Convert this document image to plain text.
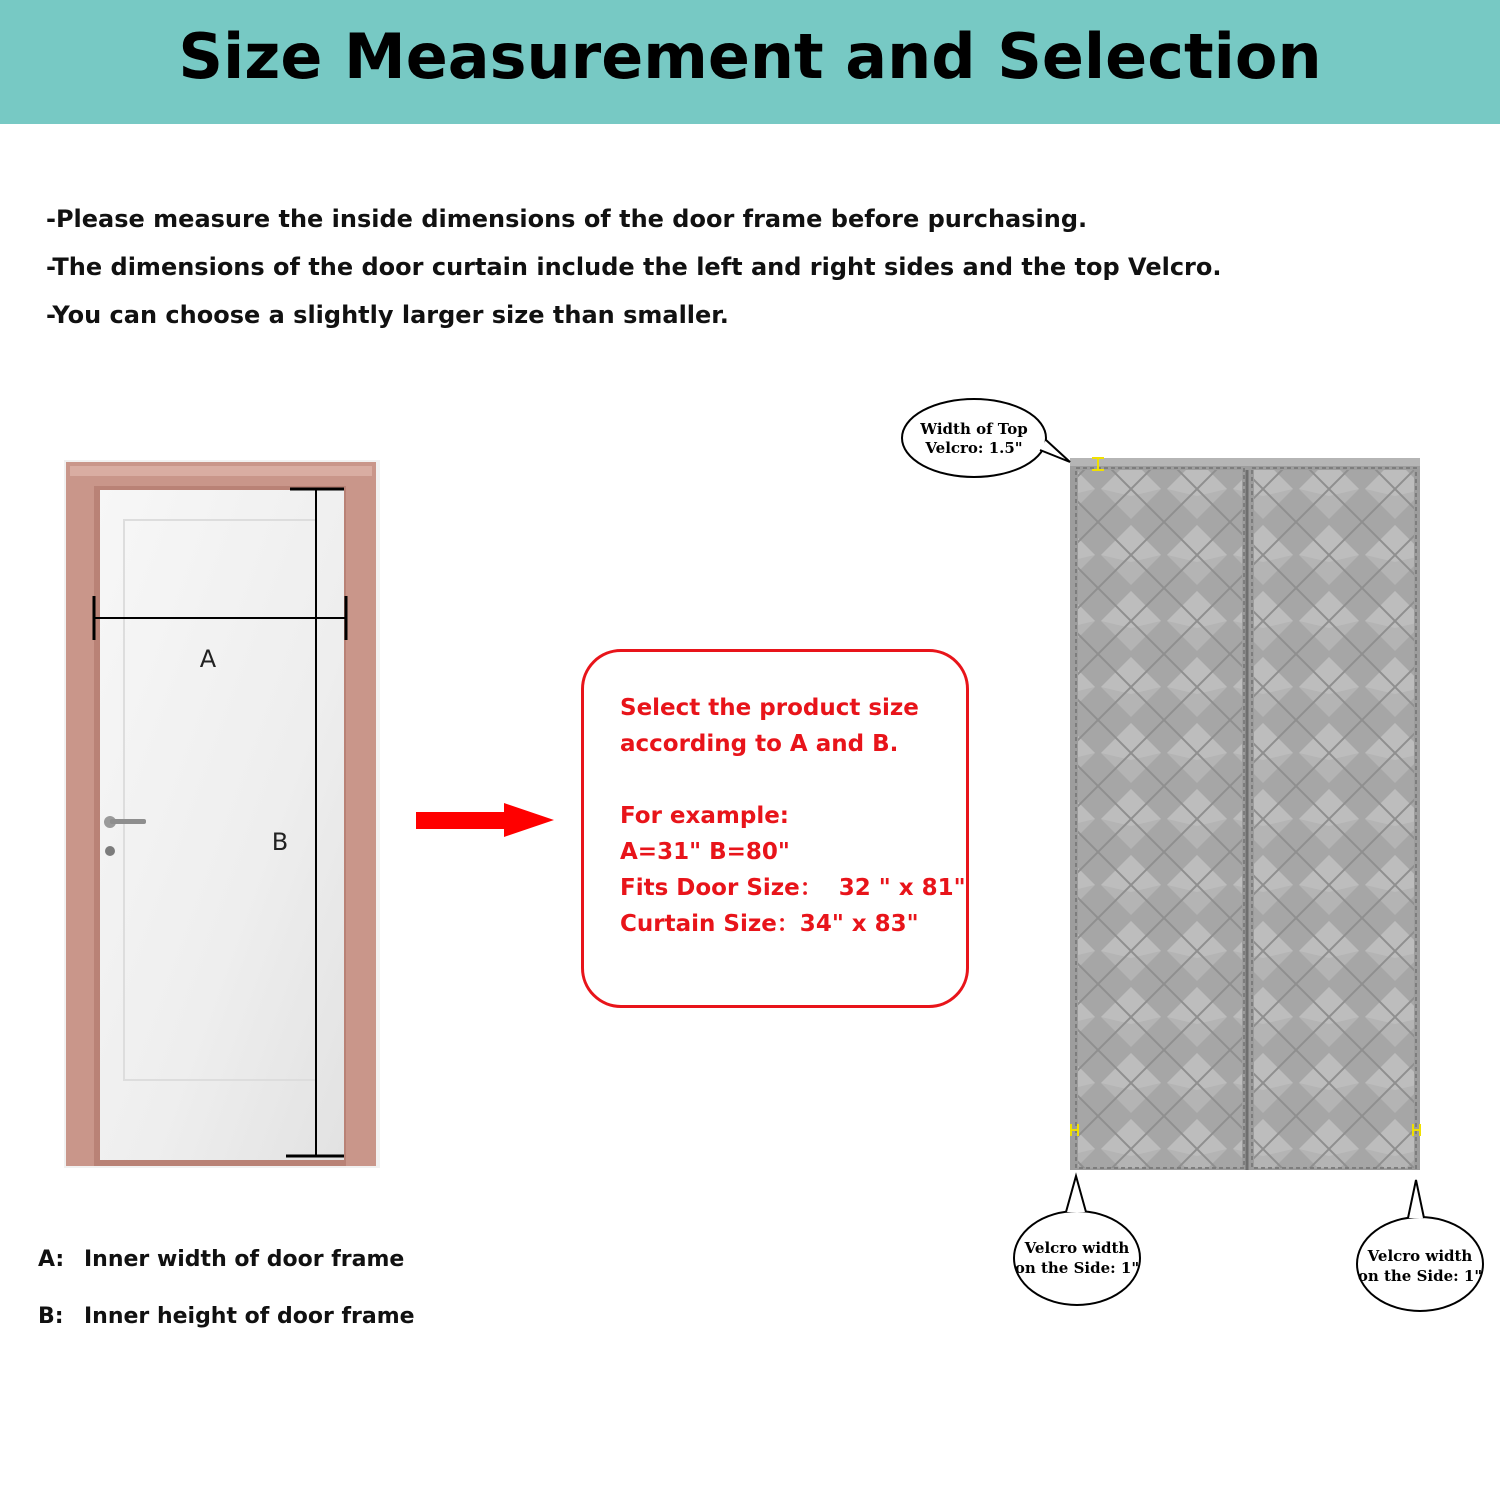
Size Measurement and Selection
-Please measure the inside dimensions of the door frame before purchasing.
-The dimensions of the door curtain include the left and right sides and the top Velcro.
-You can choose a slightly larger size than smaller.
A
B
Select the product size
according to A and B.

For example:
A=31" B=80"
Fits Door Size：  32 " x 81"
Curtain Size：34" x 83"
Width of Top
Velcro: 1.5"
Velcro width
on the Side: 1"
Velcro width
on the Side: 1"
A: Inner width of door frame
B: Inner height of door frame
